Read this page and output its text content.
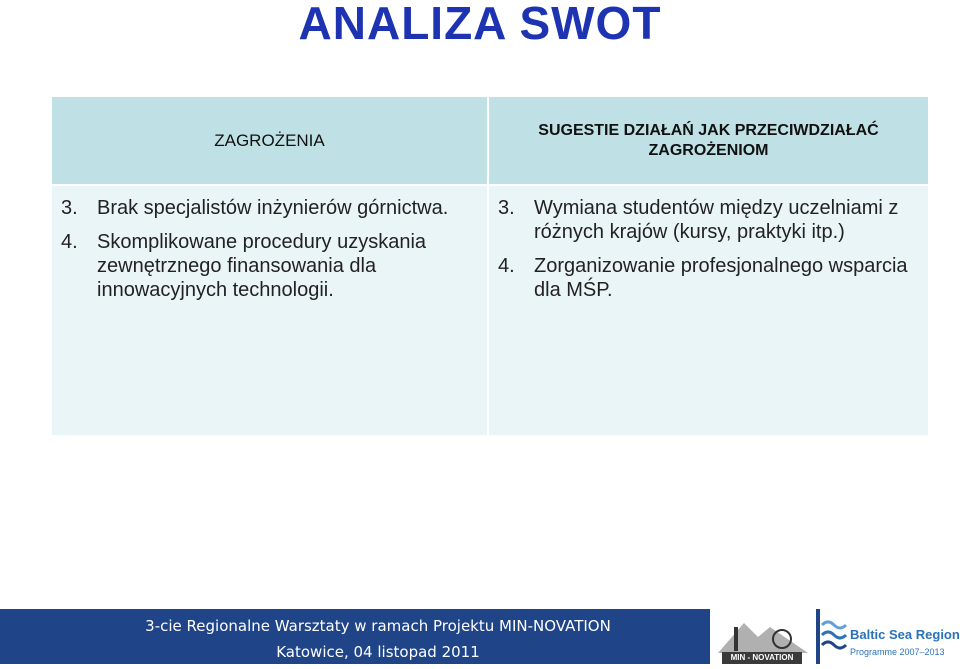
ANALIZA SWOT
ZAGROŻENIA
SUGESTIE DZIAŁAŃ JAK PRZECIWDZIAŁAĆ ZAGROŻENIOM
3. Brak specjalistów inżynierów górnictwa.
4. Skomplikowane procedury uzyskania zewnętrznego finansowania dla innowacyjnych technologii.
3. Wymiana studentów między uczelniami z różnych krajów (kursy, praktyki itp.)
4. Zorganizowanie profesjonalnego wsparcia dla MŚP.
3-cie Regionalne Warsztaty w ramach Projektu MIN-NOVATION
Katowice, 04 listopad 2011	MIN - NOVATION
Baltic Sea Region
Programme 2007–2013
